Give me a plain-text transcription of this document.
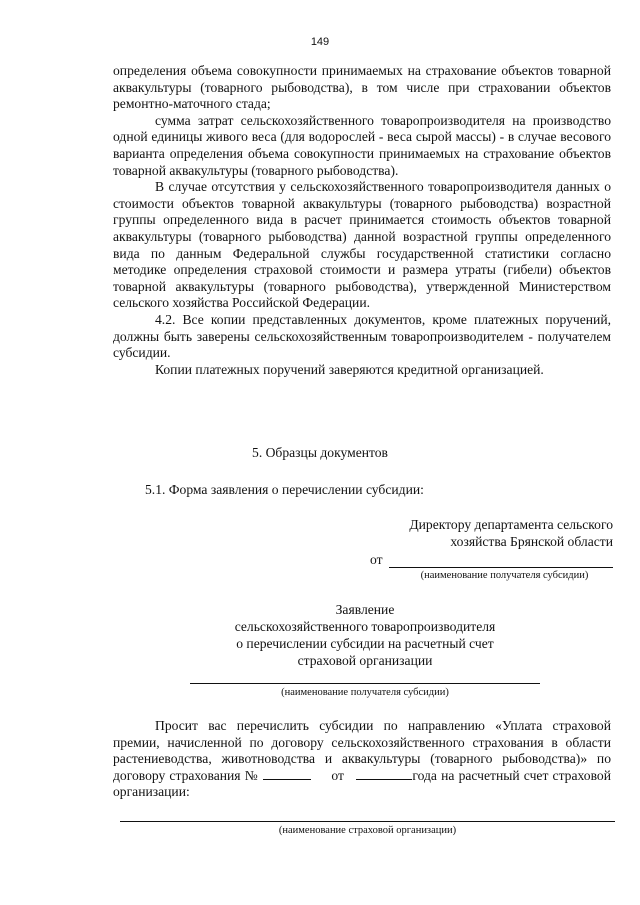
149

определения объема совокупности принимаемых на страхование объектов товарной аквакультуры (товарного рыбоводства), в том числе при страховании объектов ремонтно-маточного стада;

сумма затрат сельскохозяйственного товаропроизводителя на производство одной единицы живого веса (для водорослей - веса сырой массы) - в случае весового варианта определения объема совокупности принимаемых на страхование объектов товарной аквакультуры (товарного рыбоводства).

В случае отсутствия у сельскохозяйственного товаропроизводителя данных о стоимости объектов товарной аквакультуры (товарного рыбоводства) возрастной группы определенного вида в расчет принимается стоимость объектов товарной аквакультуры (товарного рыбоводства) данной возрастной группы определенного вида по данным Федеральной службы государственной статистики согласно методике определения страховой стоимости и размера утраты (гибели) объектов товарной аквакультуры (товарного рыбоводства), утвержденной Министерством сельского хозяйства Российской Федерации.

4.2. Все копии представленных документов, кроме платежных поручений, должны быть заверены сельскохозяйственным товаропроизводителем - получателем субсидии.

Копии платежных поручений заверяются кредитной организацией.

5. Образцы документов
5.1. Форма заявления о перечислении субсидии:
Директору департамента сельского
хозяйства Брянской области
от
(наименование получателя субсидии)
Заявление
сельскохозяйственного товаропроизводителя
о перечислении субсидии на расчетный счет
страховой организации
(наименование получателя субсидии)

Просит вас перечислить субсидии по направлению «Уплата страховой премии, начисленной по договору сельскохозяйственного страхования в области растениеводства, животноводства и аквакультуры (товарного рыбоводства)» по договору страхования №	от	года на расчетный счет страховой организации:

(наименование страховой организации)
